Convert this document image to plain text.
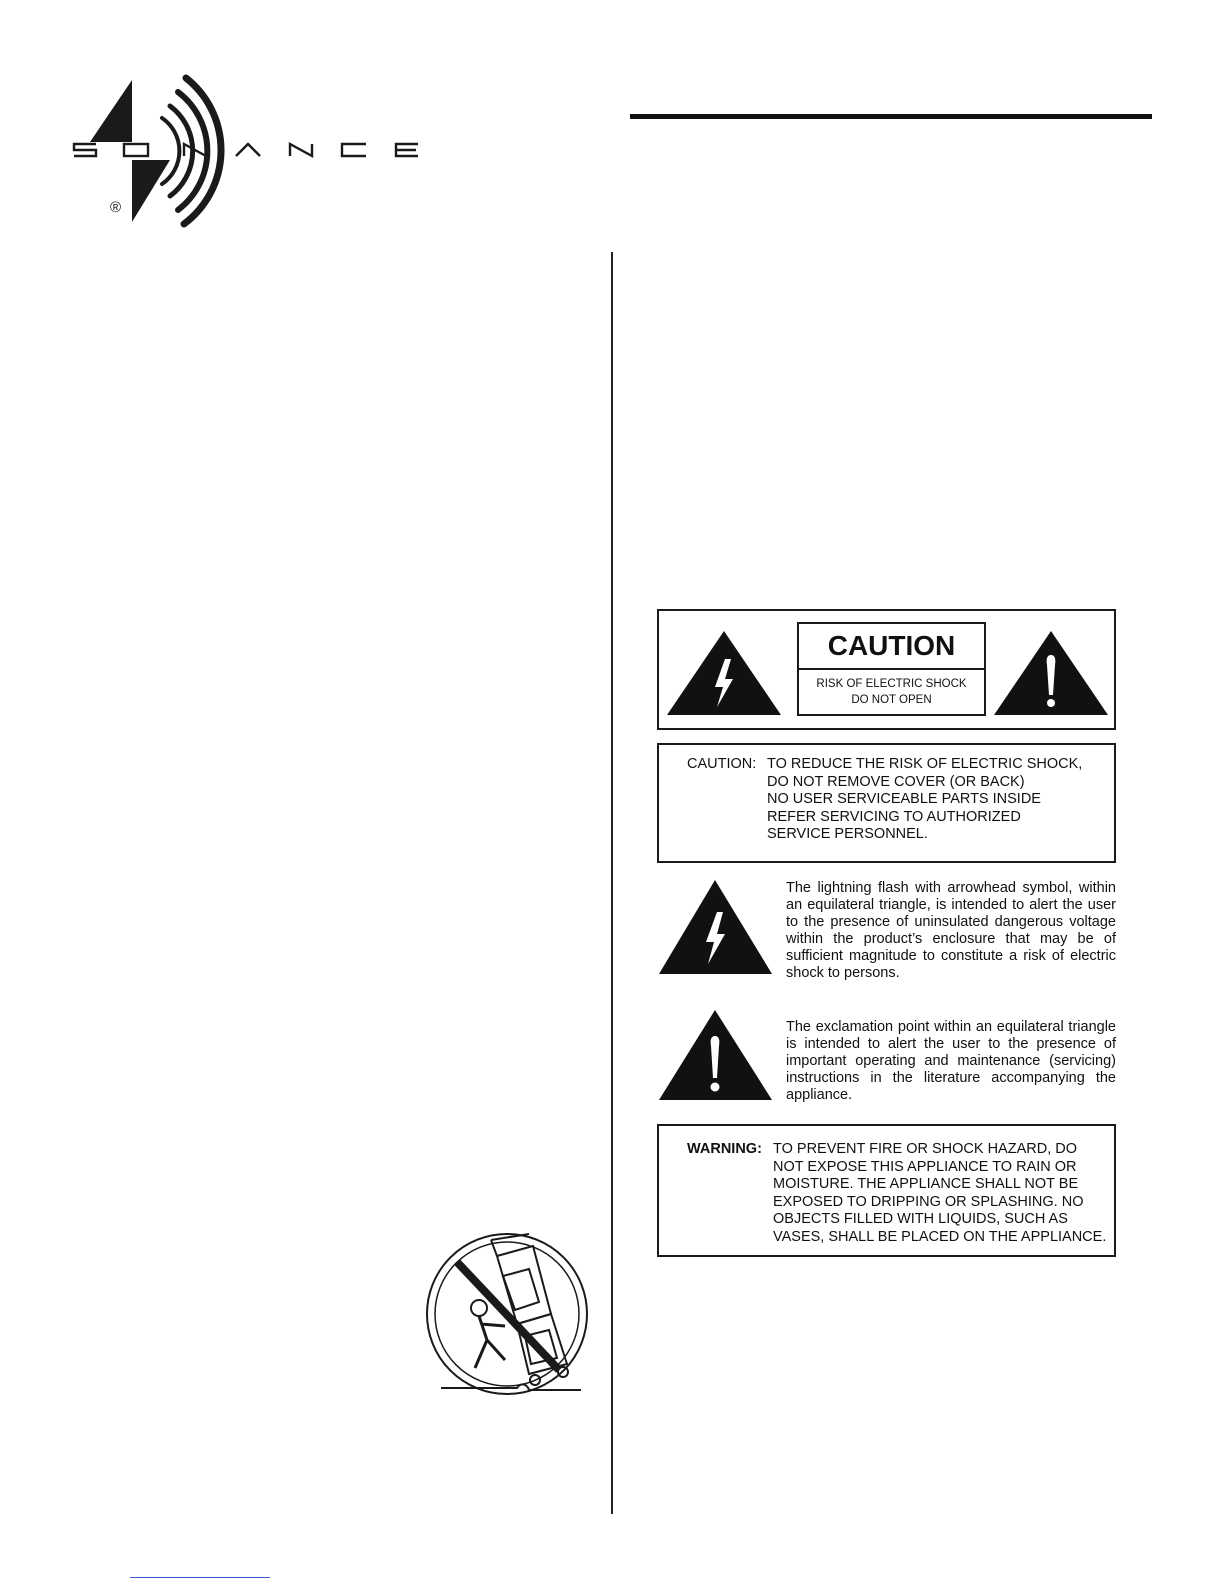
®
CAUTION
RISK OF ELECTRIC SHOCK
DO NOT OPEN
CAUTION: TO REDUCE THE RISK OF ELECTRIC SHOCK,
DO NOT REMOVE COVER (OR BACK)
NO USER SERVICEABLE PARTS INSIDE
REFER SERVICING TO AUTHORIZED
SERVICE PERSONNEL.
The lightning flash with arrowhead symbol, within an equilateral triangle, is intended to alert the user to the presence of uninsulated dangerous voltage within the product’s enclosure that may be of sufficient magnitude to constitute a risk of electric shock to persons.
The exclamation point within an equilateral triangle is intended to alert the user to the presence of important operating and maintenance (servicing) instructions in the literature accompanying the appliance.
WARNING: TO PREVENT FIRE OR SHOCK HAZARD, DO
NOT EXPOSE THIS APPLIANCE TO RAIN OR
MOISTURE. THE APPLIANCE SHALL NOT BE
EXPOSED TO DRIPPING OR SPLASHING. NO
OBJECTS FILLED WITH LIQUIDS, SUCH AS
VASES, SHALL BE PLACED ON THE APPLIANCE.
